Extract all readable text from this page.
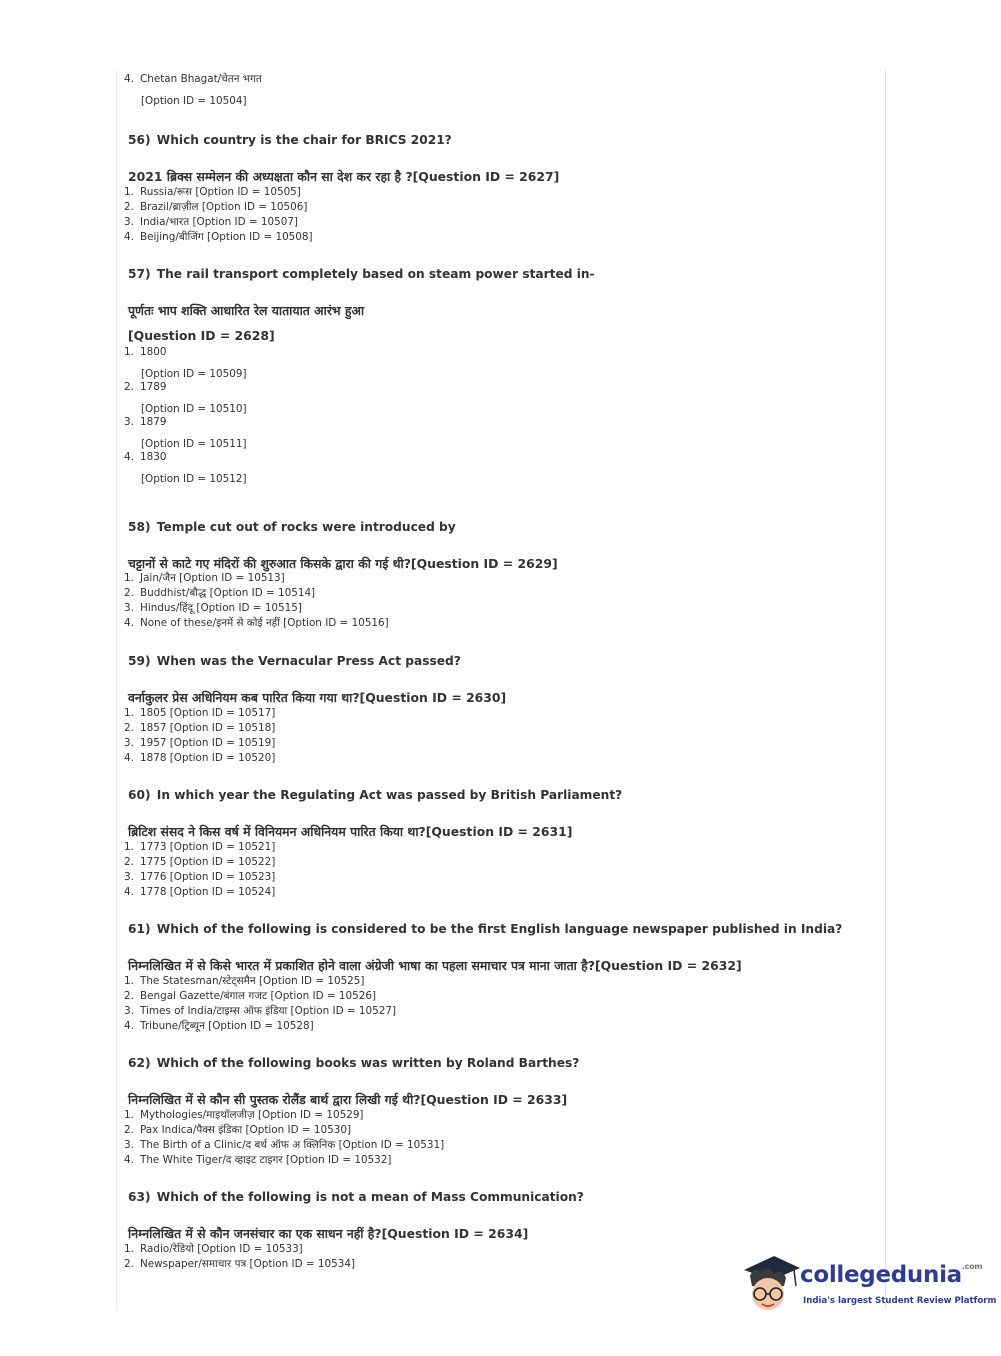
4. Chetan Bhagat/चेतन भगत

[Option ID = 10504]

56) Which country is the chair for BRICS 2021?

2021 ब्रिक्स सम्मेलन की अध्यक्षता कौन सा देश कर रहा है ?[Question ID = 2627]

1. Russia/रूस [Option ID = 10505]

2. Brazil/ब्राज़ील [Option ID = 10506]

3. India/भारत [Option ID = 10507]

4. Beijing/बीजिंग [Option ID = 10508]

57) The rail transport completely based on steam power started in-

पूर्णतः भाप शक्ति आधारित रेल यातायात आरंभ हुआ

[Question ID = 2628]

1. 1800

[Option ID = 10509]

2. 1789

[Option ID = 10510]

3. 1879

[Option ID = 10511]

4. 1830

[Option ID = 10512]

58) Temple cut out of rocks were introduced by

चट्टानों से काटे गए मंदिरों की शुरुआत किसके द्वारा की गई थी?[Question ID = 2629]

1. Jain/जैन [Option ID = 10513]

2. Buddhist/बौद्ध [Option ID = 10514]

3. Hindus/हिंदू [Option ID = 10515]

4. None of these/इनमें से कोई नहीं [Option ID = 10516]

59) When was the Vernacular Press Act passed?

वर्नाकुलर प्रेस अधिनियम कब पारित किया गया था?[Question ID = 2630]

1. 1805 [Option ID = 10517]

2. 1857 [Option ID = 10518]

3. 1957 [Option ID = 10519]

4. 1878 [Option ID = 10520]

60) In which year the Regulating Act was passed by British Parliament?

ब्रिटिश संसद ने किस वर्ष में विनियमन अधिनियम पारित किया था?[Question ID = 2631]

1. 1773 [Option ID = 10521]

2. 1775 [Option ID = 10522]

3. 1776 [Option ID = 10523]

4. 1778 [Option ID = 10524]

61) Which of the following is considered to be the first English language newspaper published in India?

निम्नलिखित में से किसे भारत में प्रकाशित होने वाला अंग्रेजी भाषा का पहला समाचार पत्र माना जाता है?[Question ID = 2632]

1. The Statesman/स्टेट्समैन [Option ID = 10525]

2. Bengal Gazette/बंगाल गजट [Option ID = 10526]

3. Times of India/टाइम्स ऑफ इंडिया [Option ID = 10527]

4. Tribune/ट्रिब्यून [Option ID = 10528]

62) Which of the following books was written by Roland Barthes?

निम्नलिखित में से कौन सी पुस्तक रोलैंड बार्थ द्वारा लिखी गई थी?[Question ID = 2633]

1. Mythologies/माइथॉलजीज़ [Option ID = 10529]

2. Pax Indica/पैक्स इंडिका [Option ID = 10530]

3. The Birth of a Clinic/द बर्थ ऑफ अ क्लिनिक [Option ID = 10531]

4. The White Tiger/द व्हाइट टाइगर [Option ID = 10532]

63) Which of the following is not a mean of Mass Communication?

निम्नलिखित में से कौन जनसंचार का एक साधन नहीं है?[Question ID = 2634]

1. Radio/रेडियो [Option ID = 10533]

2. Newspaper/समाचार पत्र [Option ID = 10534]	collegedunia$^{.com}$
India's largest Student Review Platform
